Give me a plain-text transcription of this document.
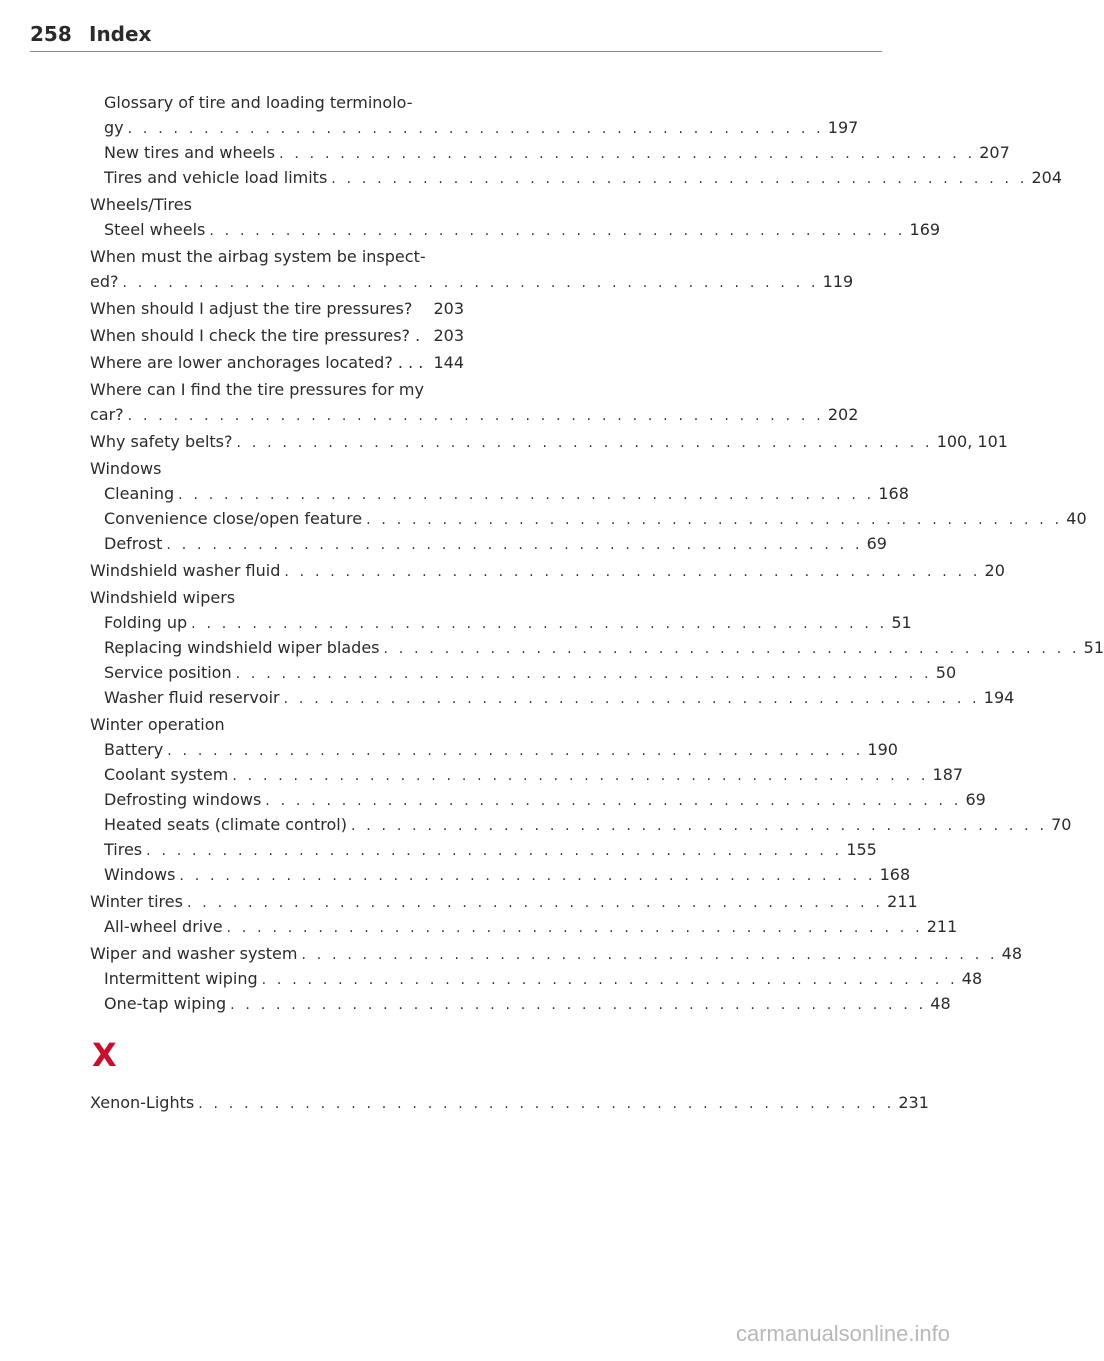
258 Index
Glossary of tire and loading terminolo-
gy . . . . . . . . . . . . . . . . . . . . . . . . . . . . . . . . . . . . . . . . . . . . . . 197
New tires and wheels . . . . . . . . . . . . . . . . . . . . . . . . . . . . . . . . . . . . . . . . . . . . . . 207
Tires and vehicle load limits . . . . . . . . . . . . . . . . . . . . . . . . . . . . . . . . . . . . . . . . . . . . . . 204
Wheels/Tires
Steel wheels . . . . . . . . . . . . . . . . . . . . . . . . . . . . . . . . . . . . . . . . . . . . . . 169
When must the airbag system be inspect-
ed? . . . . . . . . . . . . . . . . . . . . . . . . . . . . . . . . . . . . . . . . . . . . . . 119
When should I adjust the tire pressures? 203
When should I check the tire pressures? . 203
Where are lower anchorages located? . . . 144
Where can I find the tire pressures for my
car? . . . . . . . . . . . . . . . . . . . . . . . . . . . . . . . . . . . . . . . . . . . . . . 202
Why safety belts? . . . . . . . . . . . . . . . . . . . . . . . . . . . . . . . . . . . . . . . . . . . . . . 100, 101
Windows
Cleaning . . . . . . . . . . . . . . . . . . . . . . . . . . . . . . . . . . . . . . . . . . . . . . 168
Convenience close/open feature . . . . . . . . . . . . . . . . . . . . . . . . . . . . . . . . . . . . . . . . . . . . . . 40
Defrost . . . . . . . . . . . . . . . . . . . . . . . . . . . . . . . . . . . . . . . . . . . . . . 69
Windshield washer fluid . . . . . . . . . . . . . . . . . . . . . . . . . . . . . . . . . . . . . . . . . . . . . . 20
Windshield wipers
Folding up . . . . . . . . . . . . . . . . . . . . . . . . . . . . . . . . . . . . . . . . . . . . . . 51
Replacing windshield wiper blades . . . . . . . . . . . . . . . . . . . . . . . . . . . . . . . . . . . . . . . . . . . . . . 51
Service position . . . . . . . . . . . . . . . . . . . . . . . . . . . . . . . . . . . . . . . . . . . . . . 50
Washer fluid reservoir . . . . . . . . . . . . . . . . . . . . . . . . . . . . . . . . . . . . . . . . . . . . . . 194
Winter operation
Battery . . . . . . . . . . . . . . . . . . . . . . . . . . . . . . . . . . . . . . . . . . . . . . 190
Coolant system . . . . . . . . . . . . . . . . . . . . . . . . . . . . . . . . . . . . . . . . . . . . . . 187
Defrosting windows . . . . . . . . . . . . . . . . . . . . . . . . . . . . . . . . . . . . . . . . . . . . . . 69
Heated seats (climate control) . . . . . . . . . . . . . . . . . . . . . . . . . . . . . . . . . . . . . . . . . . . . . . 70
Tires . . . . . . . . . . . . . . . . . . . . . . . . . . . . . . . . . . . . . . . . . . . . . . 155
Windows . . . . . . . . . . . . . . . . . . . . . . . . . . . . . . . . . . . . . . . . . . . . . . 168
Winter tires . . . . . . . . . . . . . . . . . . . . . . . . . . . . . . . . . . . . . . . . . . . . . . 211
All-wheel drive . . . . . . . . . . . . . . . . . . . . . . . . . . . . . . . . . . . . . . . . . . . . . . 211
Wiper and washer system . . . . . . . . . . . . . . . . . . . . . . . . . . . . . . . . . . . . . . . . . . . . . . 48
Intermittent wiping . . . . . . . . . . . . . . . . . . . . . . . . . . . . . . . . . . . . . . . . . . . . . . 48
One-tap wiping . . . . . . . . . . . . . . . . . . . . . . . . . . . . . . . . . . . . . . . . . . . . . . 48
X
Xenon-Lights . . . . . . . . . . . . . . . . . . . . . . . . . . . . . . . . . . . . . . . . . . . . . . 231
carmanualsonline.info
